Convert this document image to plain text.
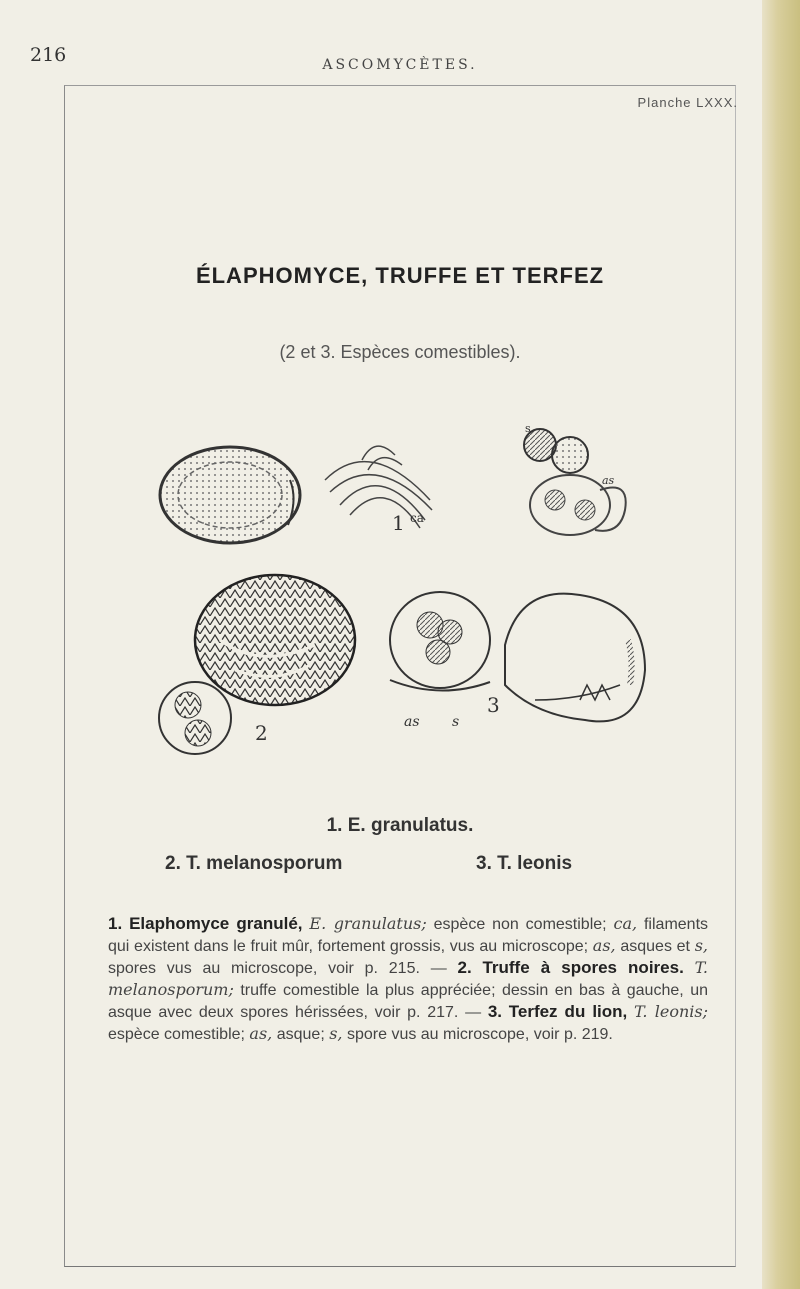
216	ASCOMYCÈTES.
Planche LXXX.
ÉLAPHOMYCE, TRUFFE ET TERFEZ
(2 et 3. Espèces comestibles).
1 ca
s
as
2	as s
3
1. E. granulatus.
2. T. melanosporum	3. T. leonis
1. Elaphomyce granulé, E. granulatus; espèce non comestible; ca, filaments qui existent dans le fruit mûr, fortement grossis, vus au microscope; as, asques et s, spores vus au microscope, voir p. 215. — 2. Truffe à spores noires. T. melanosporum; truffe comestible la plus appréciée; dessin en bas à gauche, un asque avec deux spores hérissées, voir p. 217. — 3. Terfez du lion, T. leonis; espèce comestible; as, asque; s, spore vus au microscope, voir p. 219.
